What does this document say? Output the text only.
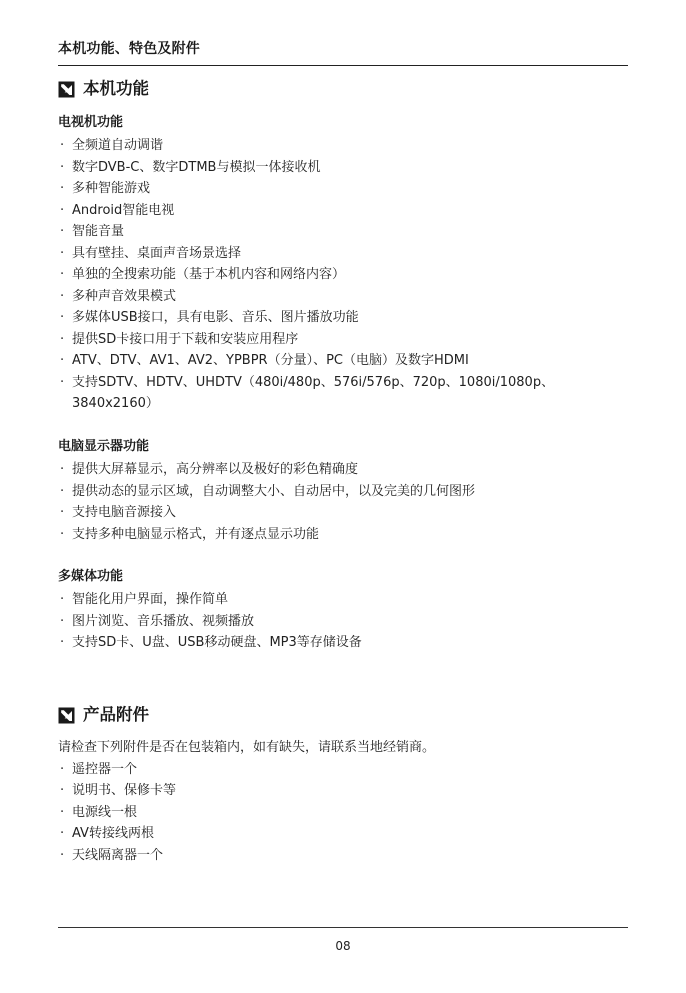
本机功能、特色及附件
本机功能
电视机功能
· 全频道自动调谐
· 数字DVB-C、数字DTMB与模拟一体接收机
· 多种智能游戏
· Android智能电视
· 智能音量
· 具有壁挂、桌面声音场景选择
· 单独的全搜索功能（基于本机内容和网络内容）
· 多种声音效果模式
· 多媒体USB接口，具有电影、音乐、图片播放功能
· 提供SD卡接口用于下载和安装应用程序
· ATV、DTV、AV1、AV2、YPBPR（分量）、PC（电脑）及数字HDMI
· 支持SDTV、HDTV、UHDTV（480i/480p、576i/576p、720p、1080i/1080p、3840x2160）
电脑显示器功能
· 提供大屏幕显示，高分辨率以及极好的彩色精确度
· 提供动态的显示区域，自动调整大小、自动居中，以及完美的几何图形
· 支持电脑音源接入
· 支持多种电脑显示格式，并有逐点显示功能
多媒体功能
· 智能化用户界面，操作简单
· 图片浏览、音乐播放、视频播放
· 支持SD卡、U盘、USB移动硬盘、MP3等存储设备
产品附件

请检查下列附件是否在包装箱内，如有缺失，请联系当地经销商。

· 遥控器一个
· 说明书、保修卡等
· 电源线一根
· AV转接线两根
· 天线隔离器一个
08
